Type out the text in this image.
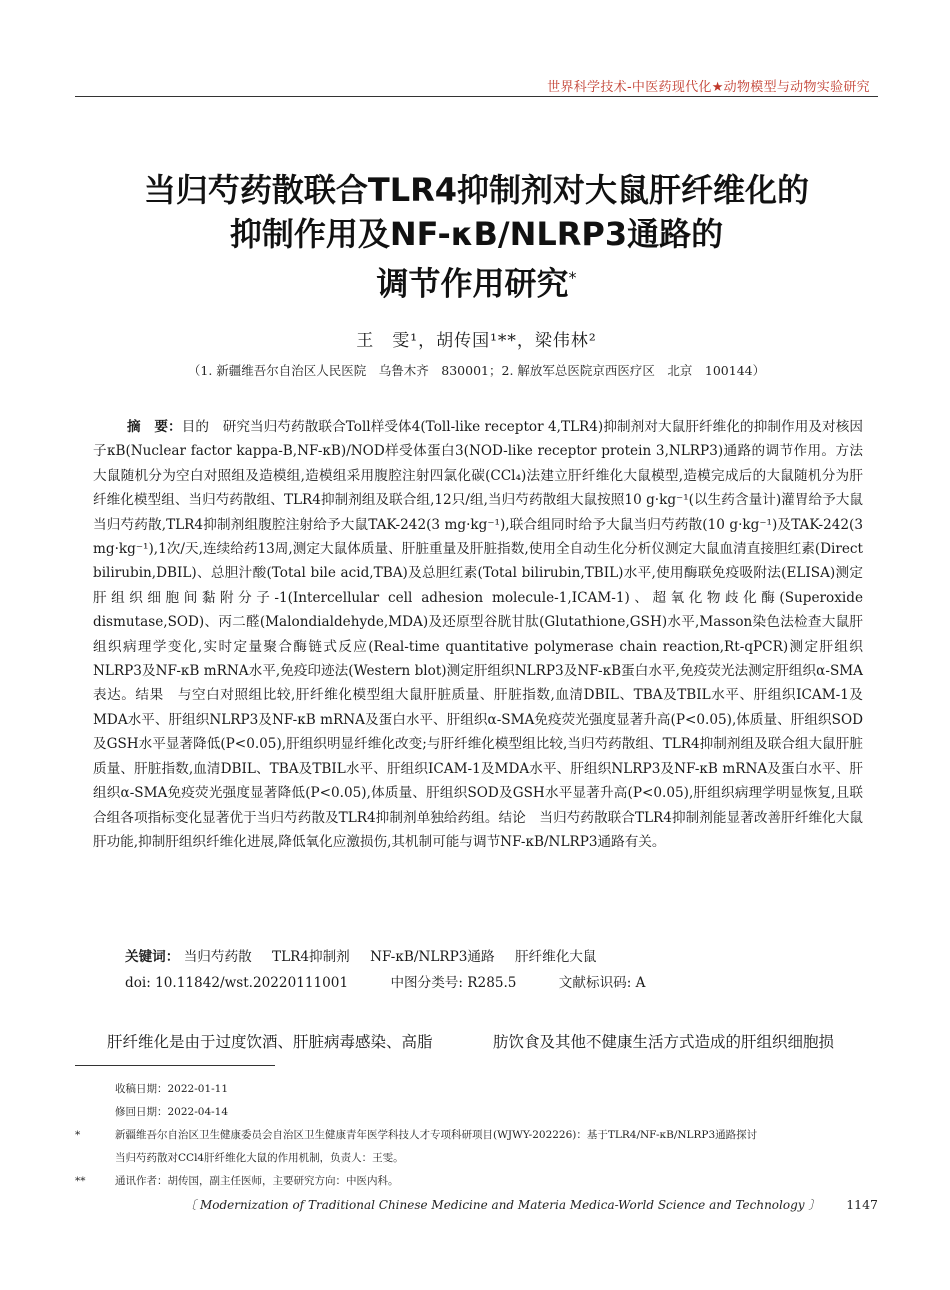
世界科学技术-中医药现代化★动物模型与动物实验研究
当归芍药散联合TLR4抑制剂对大鼠肝纤维化的
抑制作用及NF-κB/NLRP3通路的
调节作用研究*
王　雯¹，胡传国¹**，梁伟林²
（1. 新疆维吾尔自治区人民医院　乌鲁木齐　830001；2. 解放军总医院京西医疗区　北京　100144）

摘　要：目的　研究当归芍药散联合Toll样受体4(Toll-like receptor 4,TLR4)抑制剂对大鼠肝纤维化的抑制作用及对核因子κB(Nuclear factor kappa-B,NF-κB)/NOD样受体蛋白3(NOD-like receptor protein 3,NLRP3)通路的调节作用。方法　大鼠随机分为空白对照组及造模组,造模组采用腹腔注射四氯化碳(CCl₄)法建立肝纤维化大鼠模型,造模完成后的大鼠随机分为肝纤维化模型组、当归芍药散组、TLR4抑制剂组及联合组,12只/组,当归芍药散组大鼠按照10 g·kg⁻¹(以生药含量计)灌胃给予大鼠当归芍药散,TLR4抑制剂组腹腔注射给予大鼠TAK-242(3 mg·kg⁻¹),联合组同时给予大鼠当归芍药散(10 g·kg⁻¹)及TAK-242(3 mg·kg⁻¹),1次/天,连续给药13周,测定大鼠体质量、肝脏重量及肝脏指数,使用全自动生化分析仪测定大鼠血清直接胆红素(Direct bilirubin,DBIL)、总胆汁酸(Total bile acid,TBA)及总胆红素(Total bilirubin,TBIL)水平,使用酶联免疫吸附法(ELISA)测定肝组织细胞间黏附分子-1(Intercellular cell adhesion molecule-1,ICAM-1)、超氧化物歧化酶(Superoxide dismutase,SOD)、丙二醛(Malondialdehyde,MDA)及还原型谷胱甘肽(Glutathione,GSH)水平,Masson染色法检查大鼠肝组织病理学变化,实时定量聚合酶链式反应(Real-time quantitative polymerase chain reaction,Rt-qPCR)测定肝组织NLRP3及NF-κB mRNA水平,免疫印迹法(Western blot)测定肝组织NLRP3及NF-κB蛋白水平,免疫荧光法测定肝组织α-SMA表达。结果　与空白对照组比较,肝纤维化模型组大鼠肝脏质量、肝脏指数,血清DBIL、TBA及TBIL水平、肝组织ICAM-1及MDA水平、肝组织NLRP3及NF-κB mRNA及蛋白水平、肝组织α-SMA免疫荧光强度显著升高(P<0.05),体质量、肝组织SOD及GSH水平显著降低(P<0.05),肝组织明显纤维化改变;与肝纤维化模型组比较,当归芍药散组、TLR4抑制剂组及联合组大鼠肝脏质量、肝脏指数,血清DBIL、TBA及TBIL水平、肝组织ICAM-1及MDA水平、肝组织NLRP3及NF-κB mRNA及蛋白水平、肝组织α-SMA免疫荧光强度显著降低(P<0.05),体质量、肝组织SOD及GSH水平显著升高(P<0.05),肝组织病理学明显恢复,且联合组各项指标变化显著优于当归芍药散及TLR4抑制剂单独给药组。结论　当归芍药散联合TLR4抑制剂能显著改善肝纤维化大鼠肝功能,抑制肝组织纤维化进展,降低氧化应激损伤,其机制可能与调节NF-κB/NLRP3通路有关。

关键词： 当归芍药散 TLR4抑制剂 NF-κB/NLRP3通路 肝纤维化大鼠
doi: 10.11842/wst.20220111001	中图分类号: R285.5	文献标识码: A
肝纤维化是由于过度饮酒、肝脏病毒感染、高脂	肪饮食及其他不健康生活方式造成的肝组织细胞损
收稿日期：2022-01-11
修回日期：2022-04-14
*	新疆维吾尔自治区卫生健康委员会自治区卫生健康青年医学科技人才专项科研项目(WJWY-202226)：基于TLR4/NF-κB/NLRP3通路探讨
当归芍药散对CCl4肝纤维化大鼠的作用机制，负责人：王雯。
**	通讯作者：胡传国，副主任医师，主要研究方向：中医内科。
〔 Modernization of Traditional Chinese Medicine and Materia Medica-World Science and Technology 〕 1147
